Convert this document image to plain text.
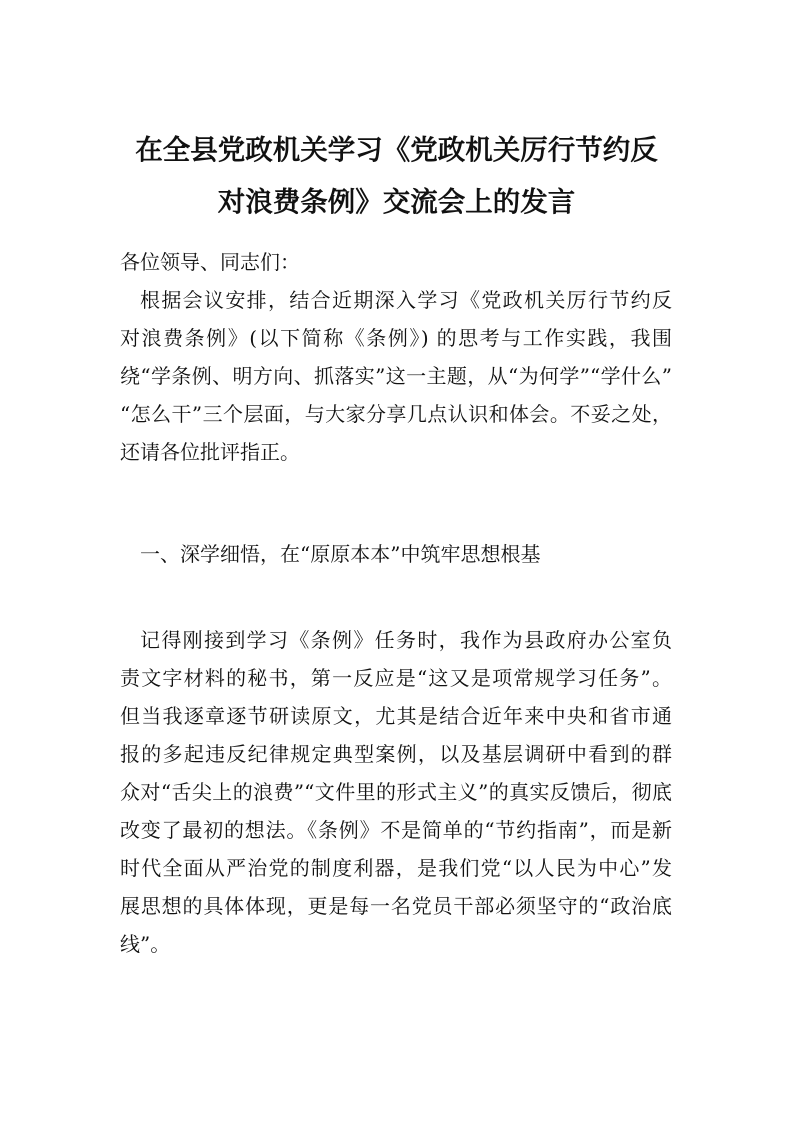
在全县党政机关学习《党政机关厉行节约反
对浪费条例》交流会上的发言
各位领导、同志们：
根据会议安排，结合近期深入学习《党政机关厉行节约反
对浪费条例》(以下简称《条例》) 的思考与工作实践，我围
绕“学条例、明方向、抓落实”这一主题，从“为何学”“学什么”
“怎么干”三个层面，与大家分享几点认识和体会。不妥之处，
还请各位批评指正。
一、深学细悟，在“原原本本”中筑牢思想根基
记得刚接到学习《条例》任务时，我作为县政府办公室负
责文字材料的秘书，第一反应是“这又是项常规学习任务”。
但当我逐章逐节研读原文，尤其是结合近年来中央和省市通
报的多起违反纪律规定典型案例，以及基层调研中看到的群
众对“舌尖上的浪费”“文件里的形式主义”的真实反馈后，彻底
改变了最初的想法。《条例》不是简单的“节约指南”，而是新
时代全面从严治党的制度利器，是我们党“以人民为中心”发
展思想的具体体现，更是每一名党员干部必须坚守的“政治底
线”。
